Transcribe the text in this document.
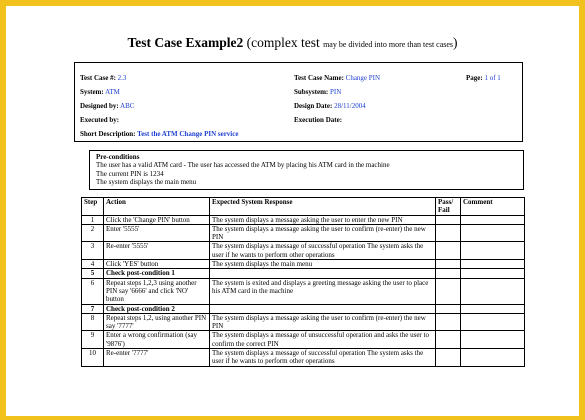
Test Case Example2 (complex test may be divided into more than test cases)
Test Case #: 2.3	Test Case Name: Change PIN	Page: 1 of 1
System: ATM	Subsystem: PIN
Designed by: ABC	Design Date: 28/11/2004
Executed by:	Execution Date:
Short Description: Test the ATM Change PIN service
Pre-conditions
The user has a valid ATM card - The user has accessed the ATM by placing his ATM card in the machine
The current PIN is 1234
The system displays the main menu
Step	Action	Expected System Response	Pass/ Fail	Comment
1	Click the 'Change PIN' button	The system displays a message asking the user to enter the new PIN		
2	Enter '5555'	The system displays a message asking the user to confirm (re-enter) the new PIN		
3	Re-enter '5555'	The system displays a message of successful operation The system asks the user if he wants to perform other operations		
4	Click 'YES' button	The system displays the main menu		
5	Check post-condition 1			
6	Repeat steps 1,2,3 using another PIN say '6666' and click 'NO' button	The system is exited and displays a greeting message asking the user to place his ATM card in the machine		
7	Check post-condition 2			
8	Repeat steps 1,2, using another PIN say '7777'	The system displays a message asking the user to confirm (re-enter) the new PIN		
9	Enter a wrong confirmation (say '9876')	The system displays a message of unsuccessful operation and asks the user to confirm the correct PIN		
10	Re-enter '7777'	The system displays a message of successful operation The system asks the user if he wants to perform other operations		
